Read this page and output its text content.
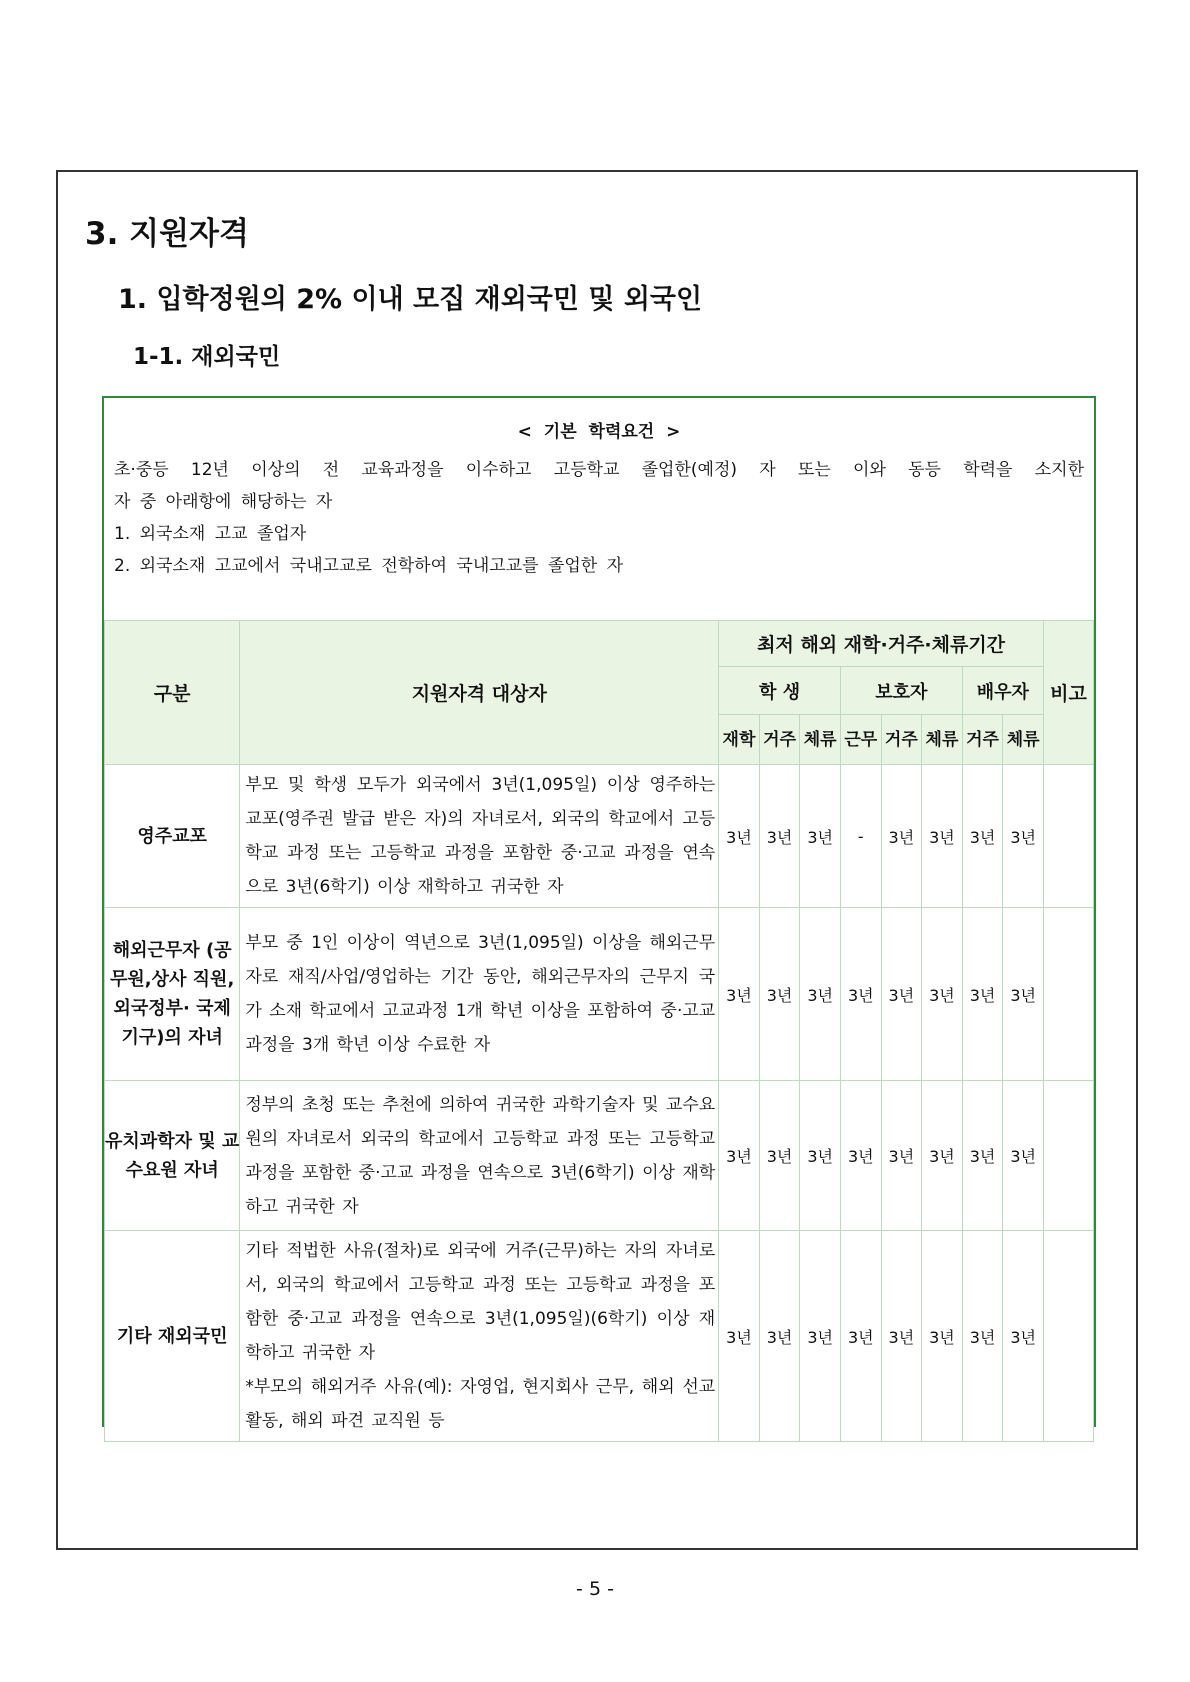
3. 지원자격
1. 입학정원의 2% 이내 모집 재외국민 및 외국인
1-1. 재외국민
< 기본 학력요건 >

초·중등 12년 이상의 전 교육과정을 이수하고 고등학교 졸업한(예정) 자 또는 이와 동등 학력을 소지한

자 중 아래항에 해당하는 자

1. 외국소재 고교 졸업자

2. 외국소재 고교에서 국내고교로 전학하여 국내고교를 졸업한 자

구분	지원자격 대상자	최저 해외 재학·거주·체류기간								비고
		학 생			보호자			배우자		
		재학	거주	체류	근무	거주	체류	거주	체류	
영주교포	부모 및 학생 모두가 외국에서 3년(1,095일) 이상 영주하는 교포(영주권 발급 받은 자)의 자녀로서, 외국의 학교에서 고등학교 과정 또는 고등학교 과정을 포함한 중·고교 과정을 연속으로 3년(6학기) 이상 재학하고 귀국한 자	3년	3년	3년	-	3년	3년	3년	3년	
해외근무자 (공무원,상사 직원,외국정부· 국제기구)의 자녀	부모 중 1인 이상이 역년으로 3년(1,095일) 이상을 해외근무자로 재직/사업/영업하는 기간 동안, 해외근무자의 근무지 국가 소재 학교에서 고교과정 1개 학년 이상을 포함하여 중·고교과정을 3개 학년 이상 수료한 자	3년	3년	3년	3년	3년	3년	3년	3년	
유치과학자 및 교수요원 자녀	정부의 초청 또는 추천에 의하여 귀국한 과학기술자 및 교수요원의 자녀로서 외국의 학교에서 고등학교 과정 또는 고등학교 과정을 포함한 중·고교 과정을 연속으로 3년(6학기) 이상 재학하고 귀국한 자	3년	3년	3년	3년	3년	3년	3년	3년	
기타 재외국민	기타 적법한 사유(절차)로 외국에 거주(근무)하는 자의 자녀로서, 외국의 학교에서 고등학교 과정 또는 고등학교 과정을 포함한 중·고교 과정을 연속으로 3년(1,095일)(6학기) 이상 재학하고 귀국한 자
*부모의 해외거주 사유(예): 자영업, 현지회사 근무, 해외 선교활동, 해외 파견 교직원 등	3년	3년	3년	3년	3년	3년	3년	3년	
- 5 -
